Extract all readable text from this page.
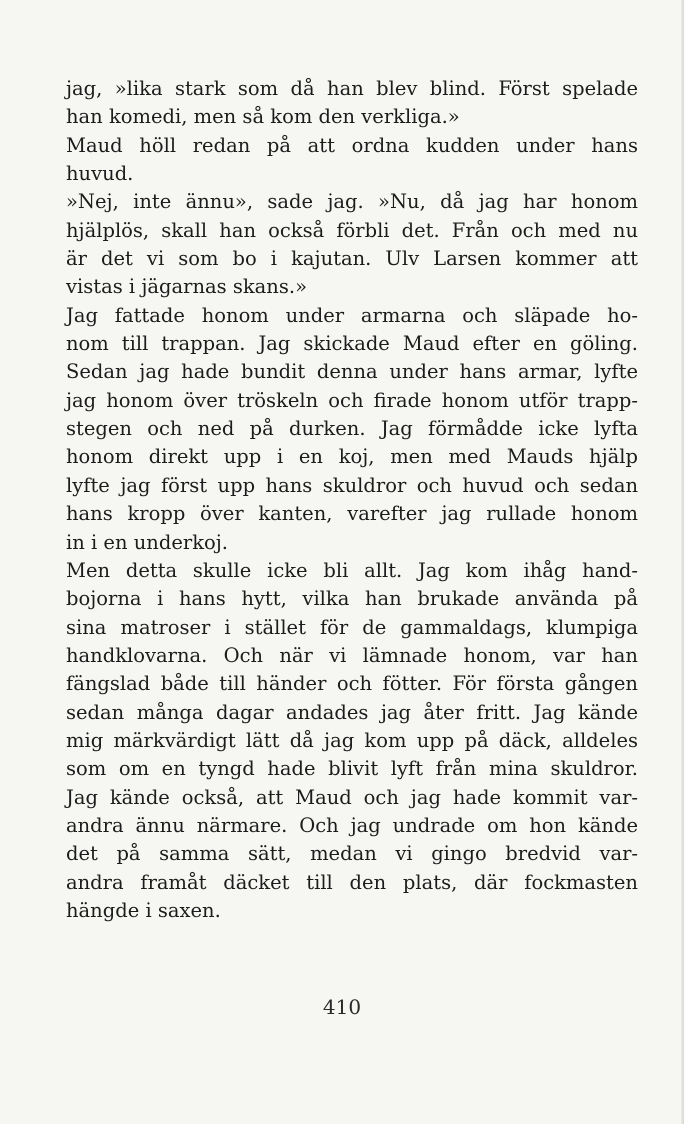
jag, »lika stark som då han blev blind. Först spelade
han komedi, men så kom den verkliga.»
Maud höll redan på att ordna kudden under hans
huvud.
»Nej, inte ännu», sade jag. »Nu, då jag har honom
hjälplös, skall han också förbli det. Från och med nu
är det vi som bo i kajutan. Ulv Larsen kommer att
vistas i jägarnas skans.»
Jag fattade honom under armarna och släpade ho-
nom till trappan. Jag skickade Maud efter en göling.
Sedan jag hade bundit denna under hans armar, lyfte
jag honom över tröskeln och firade honom utför trapp-
stegen och ned på durken. Jag förmådde icke lyfta
honom direkt upp i en koj, men med Mauds hjälp
lyfte jag först upp hans skuldror och huvud och sedan
hans kropp över kanten, varefter jag rullade honom
in i en underkoj.
Men detta skulle icke bli allt. Jag kom ihåg hand-
bojorna i hans hytt, vilka han brukade använda på
sina matroser i stället för de gammaldags, klumpiga
handklovarna. Och när vi lämnade honom, var han
fängslad både till händer och fötter. För första gången
sedan många dagar andades jag åter fritt. Jag kände
mig märkvärdigt lätt då jag kom upp på däck, alldeles
som om en tyngd hade blivit lyft från mina skuldror.
Jag kände också, att Maud och jag hade kommit var-
andra ännu närmare. Och jag undrade om hon kände
det på samma sätt, medan vi gingo bredvid var-
andra framåt däcket till den plats, där fockmasten
hängde i saxen.
410
